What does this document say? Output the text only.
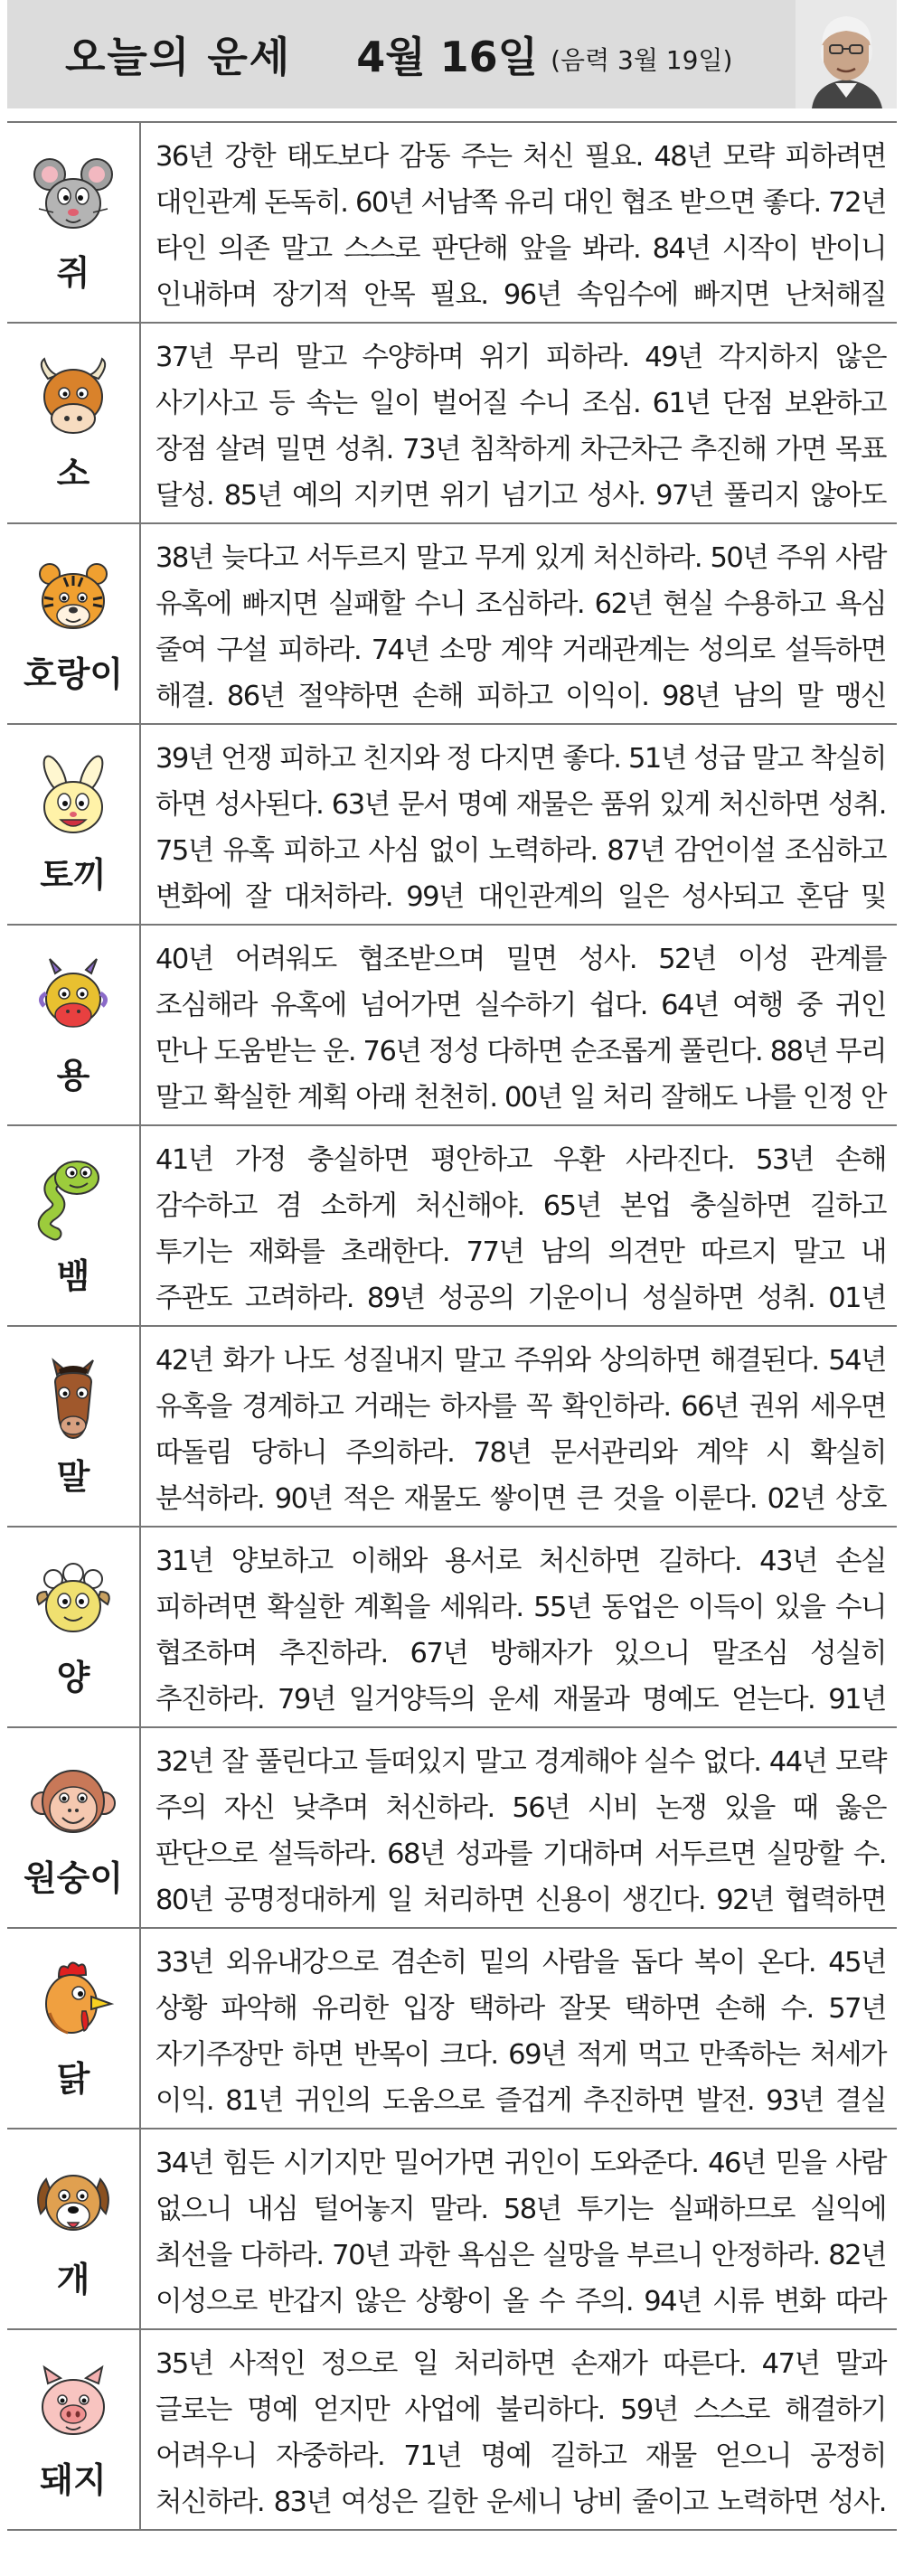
오늘의 운세 4월 16일 (음력 3월 19일)
쥐

36년 강한 태도보다 감동 주는 처신 필요. 48년 모략 피하려면 대인관계 돈독히. 60년 서남쪽 유리 대인 협조 받으면 좋다. 72년 타인 의존 말고 스스로 판단해 앞을 봐라. 84년 시작이 반이니 인내하며 장기적 안목 필요. 96년 속임수에 빠지면 난처해질

소

37년 무리 말고 수양하며 위기 피하라. 49년 각지하지 않은 사기사고 등 속는 일이 벌어질 수니 조심. 61년 단점 보완하고 장점 살려 밀면 성취. 73년 침착하게 차근차근 추진해 가면 목표 달성. 85년 예의 지키면 위기 넘기고 성사. 97년 풀리지 않아도

호랑이

38년 늦다고 서두르지 말고 무게 있게 처신하라. 50년 주위 사람 유혹에 빠지면 실패할 수니 조심하라. 62년 현실 수용하고 욕심 줄여 구설 피하라. 74년 소망 계약 거래관계는 성의로 설득하면 해결. 86년 절약하면 손해 피하고 이익이. 98년 남의 말 맹신

토끼

39년 언쟁 피하고 친지와 정 다지면 좋다. 51년 성급 말고 착실히 하면 성사된다. 63년 문서 명예 재물은 품위 있게 처신하면 성취. 75년 유혹 피하고 사심 없이 노력하라. 87년 감언이설 조심하고 변화에 잘 대처하라. 99년 대인관계의 일은 성사되고 혼담 및

용

40년 어려워도 협조받으며 밀면 성사. 52년 이성 관계를 조심해라 유혹에 넘어가면 실수하기 쉽다. 64년 여행 중 귀인 만나 도움받는 운. 76년 정성 다하면 순조롭게 풀린다. 88년 무리 말고 확실한 계획 아래 천천히. 00년 일 처리 잘해도 나를 인정 안

뱀

41년 가정 충실하면 평안하고 우환 사라진다. 53년 손해 감수하고 겸 소하게 처신해야. 65년 본업 충실하면 길하고 투기는 재화를 초래한다. 77년 남의 의견만 따르지 말고 내 주관도 고려하라. 89년 성공의 기운이니 성실하면 성취. 01년

말

42년 화가 나도 성질내지 말고 주위와 상의하면 해결된다. 54년 유혹을 경계하고 거래는 하자를 꼭 확인하라. 66년 권위 세우면 따돌림 당하니 주의하라. 78년 문서관리와 계약 시 확실히 분석하라. 90년 적은 재물도 쌓이면 큰 것을 이룬다. 02년 상호

양

31년 양보하고 이해와 용서로 처신하면 길하다. 43년 손실 피하려면 확실한 계획을 세워라. 55년 동업은 이득이 있을 수니 협조하며 추진하라. 67년 방해자가 있으니 말조심 성실히 추진하라. 79년 일거양득의 운세 재물과 명예도 얻는다. 91년

원숭이

32년 잘 풀린다고 들떠있지 말고 경계해야 실수 없다. 44년 모략 주의 자신 낮추며 처신하라. 56년 시비 논쟁 있을 때 옳은 판단으로 설득하라. 68년 성과를 기대하며 서두르면 실망할 수. 80년 공명정대하게 일 처리하면 신용이 생긴다. 92년 협력하면

닭

33년 외유내강으로 겸손히 밑의 사람을 돕다 복이 온다. 45년 상황 파악해 유리한 입장 택하라 잘못 택하면 손해 수. 57년 자기주장만 하면 반목이 크다. 69년 적게 먹고 만족하는 처세가 이익. 81년 귀인의 도움으로 즐겁게 추진하면 발전. 93년 결실

개

34년 힘든 시기지만 밀어가면 귀인이 도와준다. 46년 믿을 사람 없으니 내심 털어놓지 말라. 58년 투기는 실패하므로 실익에 최선을 다하라. 70년 과한 욕심은 실망을 부르니 안정하라. 82년 이성으로 반갑지 않은 상황이 올 수 주의. 94년 시류 변화 따라

돼지

35년 사적인 정으로 일 처리하면 손재가 따른다. 47년 말과 글로는 명예 얻지만 사업에 불리하다. 59년 스스로 해결하기 어려우니 자중하라. 71년 명예 길하고 재물 얻으니 공정히 처신하라. 83년 여성은 길한 운세니 낭비 줄이고 노력하면 성사.
